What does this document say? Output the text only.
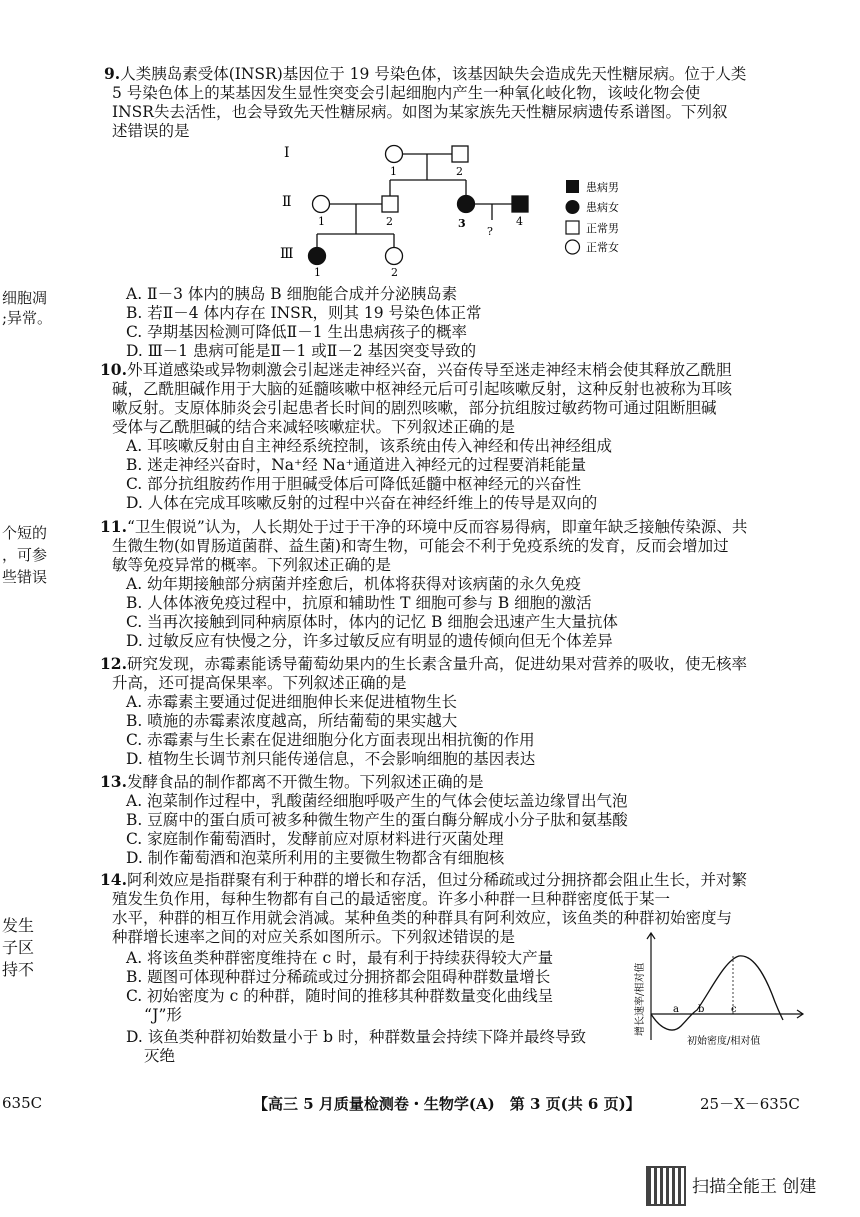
细胞凋
;异常。
个短的
，可参
些错误
发生
子区
持不
635C
9.人类胰岛素受体(INSR)基因位于 19 号染色体，该基因缺失会造成先天性糖尿病。位于人类
5 号染色体上的某基因发生显性突变会引起细胞内产生一种氧化岐化物，该岐化物会使
INSR失去活性，也会导致先天性糖尿病。如图为某家族先天性糖尿病遗传系谱图。下列叙
述错误的是
Ⅰ
Ⅱ
Ⅲ
1	2
1	2	3	4
?
1	2
患病男
患病女
正常男
正常女
A. Ⅱ－3 体内的胰岛 B 细胞能合成并分泌胰岛素
B. 若Ⅱ－4 体内存在 INSR，则其 19 号染色体正常
C. 孕期基因检测可降低Ⅱ－1 生出患病孩子的概率
D. Ⅲ－1 患病可能是Ⅱ－1 或Ⅱ－2 基因突变导致的
10.外耳道感染或异物刺激会引起迷走神经兴奋，兴奋传导至迷走神经末梢会使其释放乙酰胆
碱，乙酰胆碱作用于大脑的延髓咳嗽中枢神经元后可引起咳嗽反射，这种反射也被称为耳咳
嗽反射。支原体肺炎会引起患者长时间的剧烈咳嗽，部分抗组胺过敏药物可通过阻断胆碱
受体与乙酰胆碱的结合来减轻咳嗽症状。下列叙述正确的是
A. 耳咳嗽反射由自主神经系统控制，该系统由传入神经和传出神经组成
B. 迷走神经兴奋时，Na⁺经 Na⁺通道进入神经元的过程要消耗能量
C. 部分抗组胺药作用于胆碱受体后可降低延髓中枢神经元的兴奋性
D. 人体在完成耳咳嗽反射的过程中兴奋在神经纤维上的传导是双向的
11.“卫生假说”认为，人长期处于过于干净的环境中反而容易得病，即童年缺乏接触传染源、共
生微生物(如胃肠道菌群、益生菌)和寄生物，可能会不利于免疫系统的发育，反而会增加过
敏等免疫异常的概率。下列叙述正确的是
A. 幼年期接触部分病菌并痊愈后，机体将获得对该病菌的永久免疫
B. 人体体液免疫过程中，抗原和辅助性 T 细胞可参与 B 细胞的激活
C. 当再次接触到同种病原体时，体内的记忆 B 细胞会迅速产生大量抗体
D. 过敏反应有快慢之分，许多过敏反应有明显的遗传倾向但无个体差异
12.研究发现，赤霉素能诱导葡萄幼果内的生长素含量升高，促进幼果对营养的吸收，使无核率
升高，还可提高保果率。下列叙述正确的是
A. 赤霉素主要通过促进细胞伸长来促进植物生长
B. 喷施的赤霉素浓度越高，所结葡萄的果实越大
C. 赤霉素与生长素在促进细胞分化方面表现出相抗衡的作用
D. 植物生长调节剂只能传递信息，不会影响细胞的基因表达
13.发酵食品的制作都离不开微生物。下列叙述正确的是
A. 泡菜制作过程中，乳酸菌经细胞呼吸产生的气体会使坛盖边缘冒出气泡
B. 豆腐中的蛋白质可被多种微生物产生的蛋白酶分解成小分子肽和氨基酸
C. 家庭制作葡萄酒时，发酵前应对原材料进行灭菌处理
D. 制作葡萄酒和泡菜所利用的主要微生物都含有细胞核
14.阿利效应是指群聚有利于种群的增长和存活，但过分稀疏或过分拥挤都会阻止生长，并对繁
殖发生负作用，每种生物都有自己的最适密度。许多小种群一旦种群密度低于某一
水平，种群的相互作用就会消减。某种鱼类的种群具有阿利效应，该鱼类的种群初始密度与
种群增长速率之间的对应关系如图所示。下列叙述错误的是
A. 将该鱼类种群密度维持在 c 时，最有利于持续获得较大产量
B. 题图可体现种群过分稀疏或过分拥挤都会阻碍种群数量增长
C. 初始密度为 c 的种群，随时间的推移其种群数量变化曲线呈
“J”形
D. 该鱼类种群初始数量小于 b 时，种群数量会持续下降并最终导致
灭绝
a b	c
增长速率/相对值
初始密度/相对值
【高三 5 月质量检测卷・生物学(A)　第 3 页(共 6 页)】	25－X－635C
扫描全能王 创建
